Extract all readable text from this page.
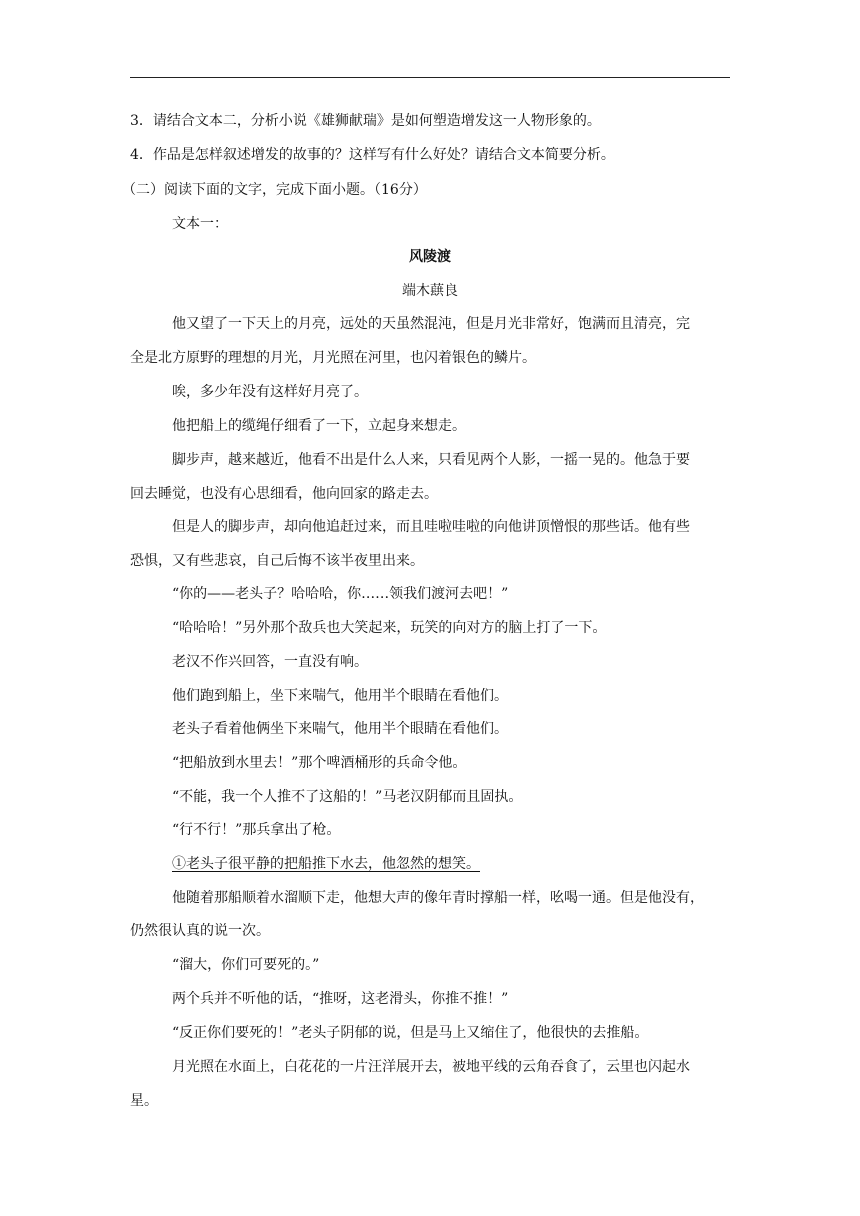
3．请结合文本二，分析小说《雄狮献瑞》是如何塑造增发这一人物形象的。
4．作品是怎样叙述增发的故事的？这样写有什么好处？请结合文本简要分析。
（二）阅读下面的文字，完成下面小题。（16分）
文本一：
风陵渡
端木蕻良
他又望了一下天上的月亮，远处的天虽然混沌，但是月光非常好，饱满而且清亮，完
全是北方原野的理想的月光，月光照在河里，也闪着银色的鳞片。
唉，多少年没有这样好月亮了。
他把船上的缆绳仔细看了一下，立起身来想走。
脚步声，越来越近，他看不出是什么人来，只看见两个人影，一摇一晃的。他急于要
回去睡觉，也没有心思细看，他向回家的路走去。
但是人的脚步声，却向他追赶过来，而且哇啦哇啦的向他讲顶憎恨的那些话。他有些
恐惧，又有些悲哀，自己后悔不该半夜里出来。
“你的——老头子？哈哈哈，你……领我们渡河去吧！”
“哈哈哈！”另外那个敌兵也大笑起来，玩笑的向对方的脑上打了一下。
老汉不作兴回答，一直没有响。
他们跑到船上，坐下来喘气，他用半个眼睛在看他们。
老头子看着他俩坐下来喘气，他用半个眼睛在看他们。
“把船放到水里去！”那个啤酒桶形的兵命令他。
“不能，我一个人推不了这船的！”马老汉阴郁而且固执。
“行不行！”那兵拿出了枪。
①老头子很平静的把船推下水去，他忽然的想笑。
他随着那船顺着水溜顺下走，他想大声的像年青时撑船一样，吆喝一通。但是他没有，
仍然很认真的说一次。
“溜大，你们可要死的。”
两个兵并不听他的话，“推呀，这老滑头，你推不推！”
“反正你们要死的！”老头子阴郁的说，但是马上又缩住了，他很快的去推船。
月光照在水面上，白花花的一片汪洋展开去，被地平线的云角吞食了，云里也闪起水
星。
